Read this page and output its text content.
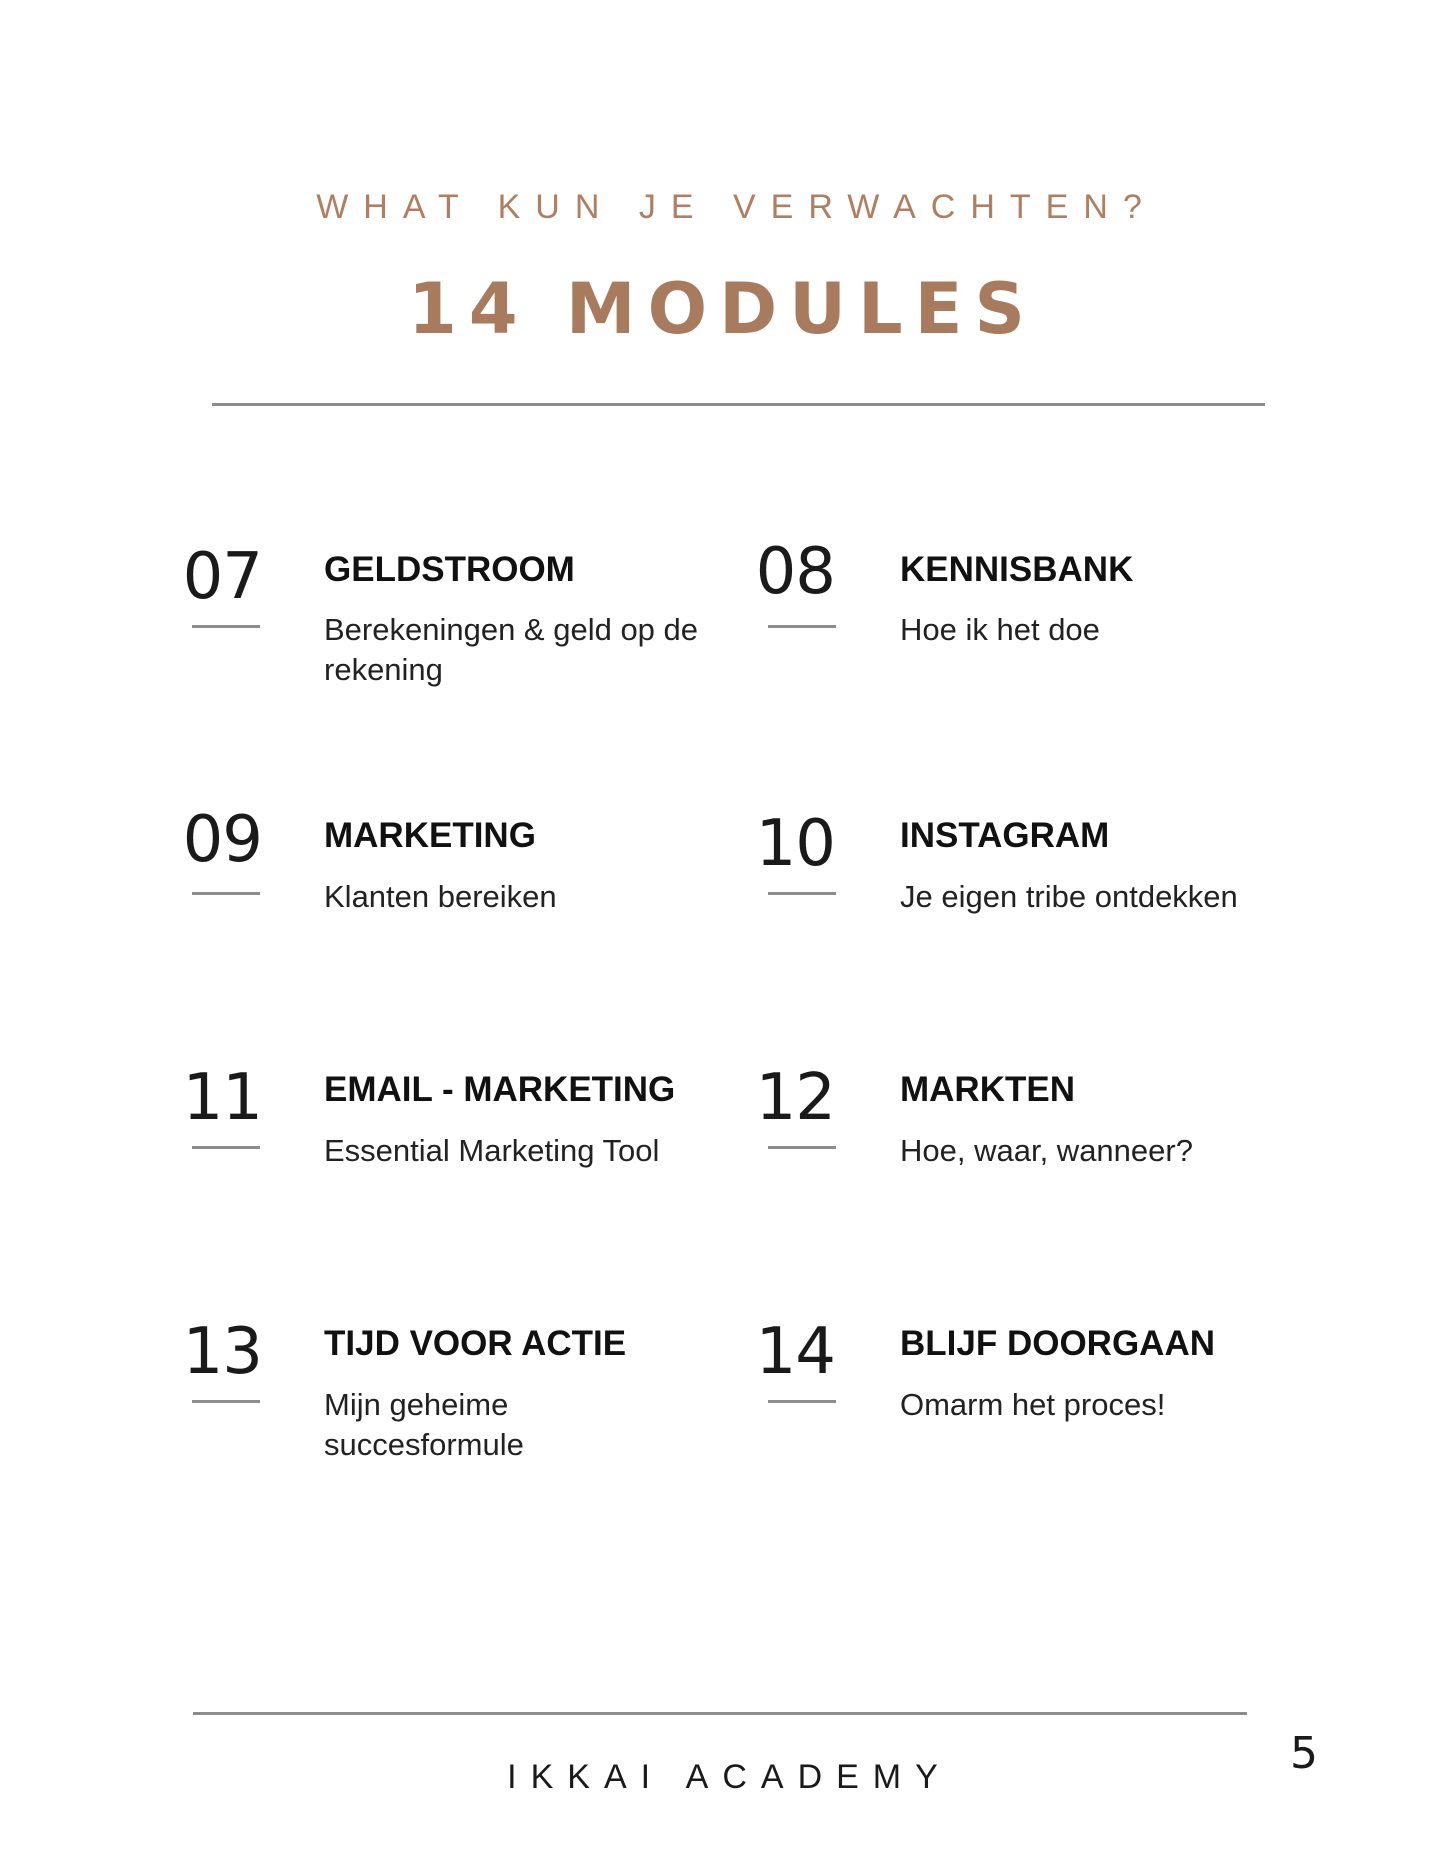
WHAT KUN JE VERWACHTEN?
14 MODULES
07 GELDSTROOM
Berekeningen & geld op de rekening
08 KENNISBANK
Hoe ik het doe
09 MARKETING
Klanten bereiken
10 INSTAGRAM
Je eigen tribe ontdekken
11 EMAIL - MARKETING
Essential Marketing Tool
12 MARKTEN
Hoe, waar, wanneer?
13 TIJD VOOR ACTIE
Mijn geheime succesformule
14 BLIJF DOORGAAN
Omarm het proces!
IKKAI ACADEMY	5
